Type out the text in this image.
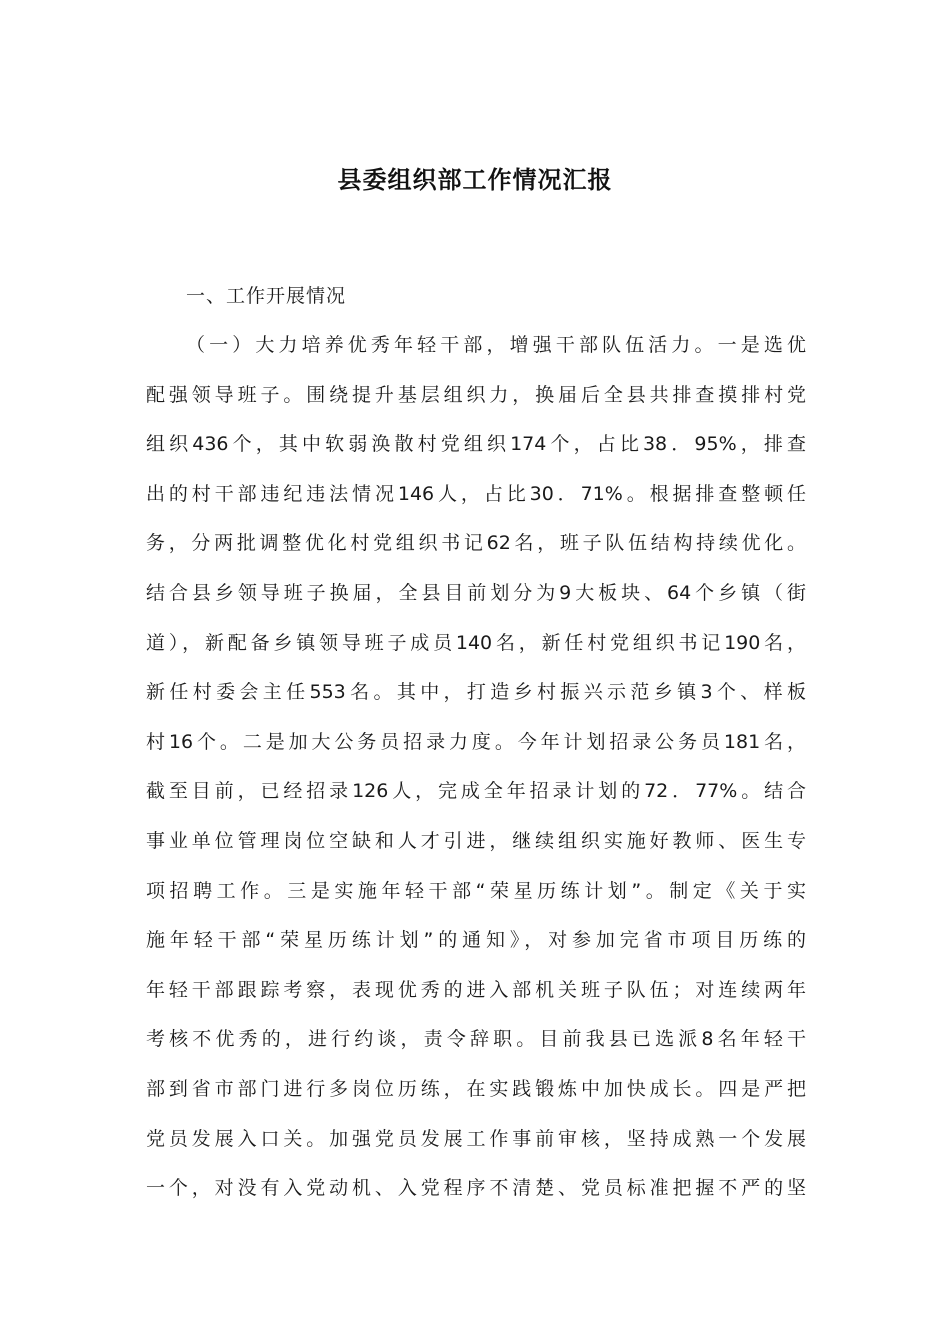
县委组织部工作情况汇报
一、工作开展情况
（一）大力培养优秀年轻干部，增强干部队伍活力。一是选优
配强领导班子。围绕提升基层组织力，换届后全县共排查摸排村党
组织436个，其中软弱涣散村党组织174个，占比38．95%，排查
出的村干部违纪违法情况146人，占比30．71%。根据排查整顿任
务，分两批调整优化村党组织书记62名，班子队伍结构持续优化。
结合县乡领导班子换届，全县目前划分为9大板块、64个乡镇（街
道），新配备乡镇领导班子成员140名，新任村党组织书记190名，
新任村委会主任553名。其中，打造乡村振兴示范乡镇3个、样板
村16个。二是加大公务员招录力度。今年计划招录公务员181名，
截至目前，已经招录126人，完成全年招录计划的72．77%。结合
事业单位管理岗位空缺和人才引进，继续组织实施好教师、医生专
项招聘工作。三是实施年轻干部“荣星历练计划”。制定《关于实
施年轻干部“荣星历练计划”的通知》，对参加完省市项目历练的
年轻干部跟踪考察，表现优秀的进入部机关班子队伍；对连续两年
考核不优秀的，进行约谈，责令辞职。目前我县已选派8名年轻干
部到省市部门进行多岗位历练，在实践锻炼中加快成长。四是严把
党员发展入口关。加强党员发展工作事前审核，坚持成熟一个发展
一个，对没有入党动机、入党程序不清楚、党员标准把握不严的坚
